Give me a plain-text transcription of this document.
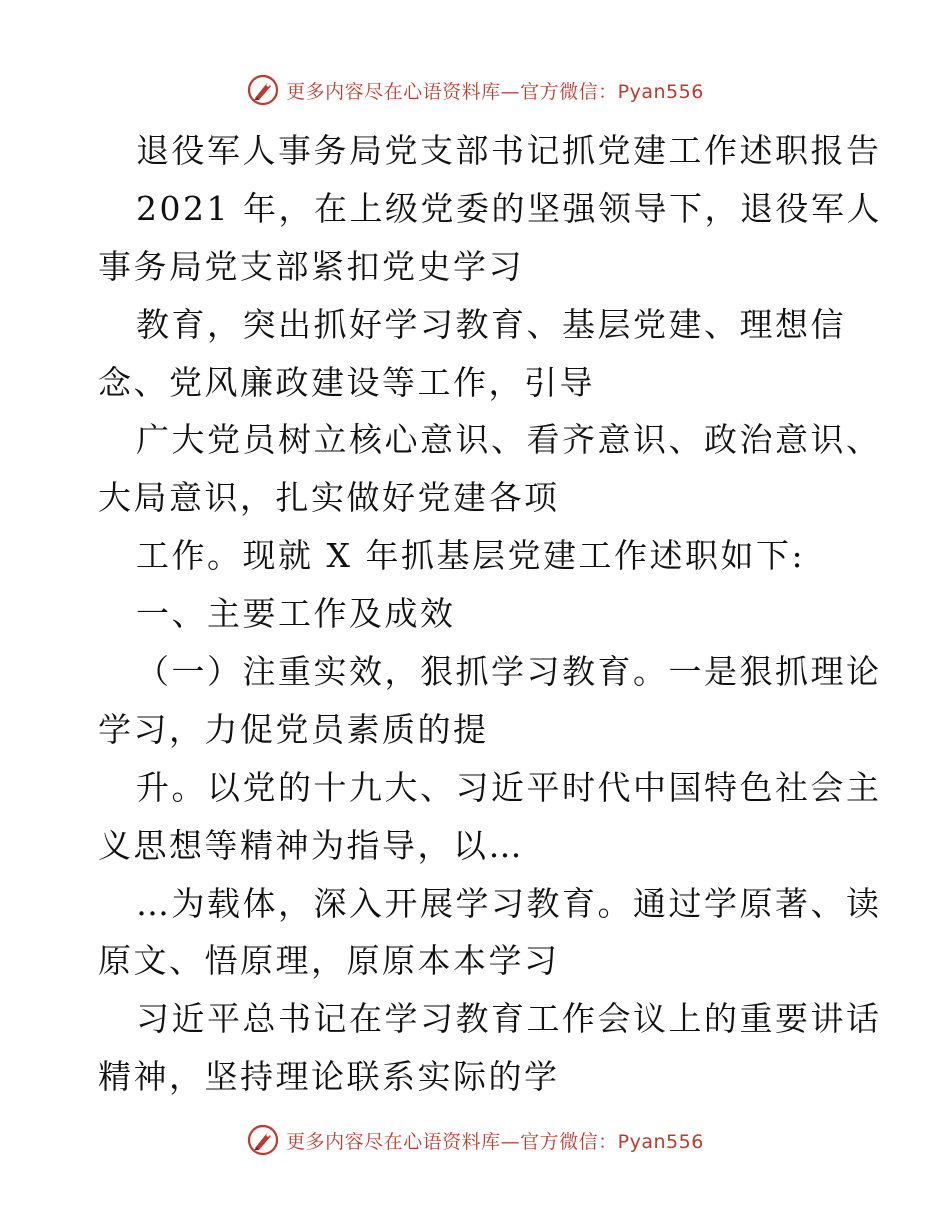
更多内容尽在心语资料库—官方微信：Pyan556
退役军人事务局党支部书记抓党建工作述职报告
2021 年，在上级党委的坚强领导下，退役军人
事务局党支部紧扣党史学习
教育，突出抓好学习教育、基层党建、理想信
念、党风廉政建设等工作，引导
广大党员树立核心意识、看齐意识、政治意识、
大局意识，扎实做好党建各项
工作。现就 X 年抓基层党建工作述职如下:
一、主要工作及成效
（一）注重实效，狠抓学习教育。一是狠抓理论
学习，力促党员素质的提
升。以党的十九大、习近平时代中国特色社会主
义思想等精神为指导，以…
…为载体，深入开展学习教育。通过学原著、读
原文、悟原理，原原本本学习
习近平总书记在学习教育工作会议上的重要讲话
精神，坚持理论联系实际的学
更多内容尽在心语资料库—官方微信：Pyan556
